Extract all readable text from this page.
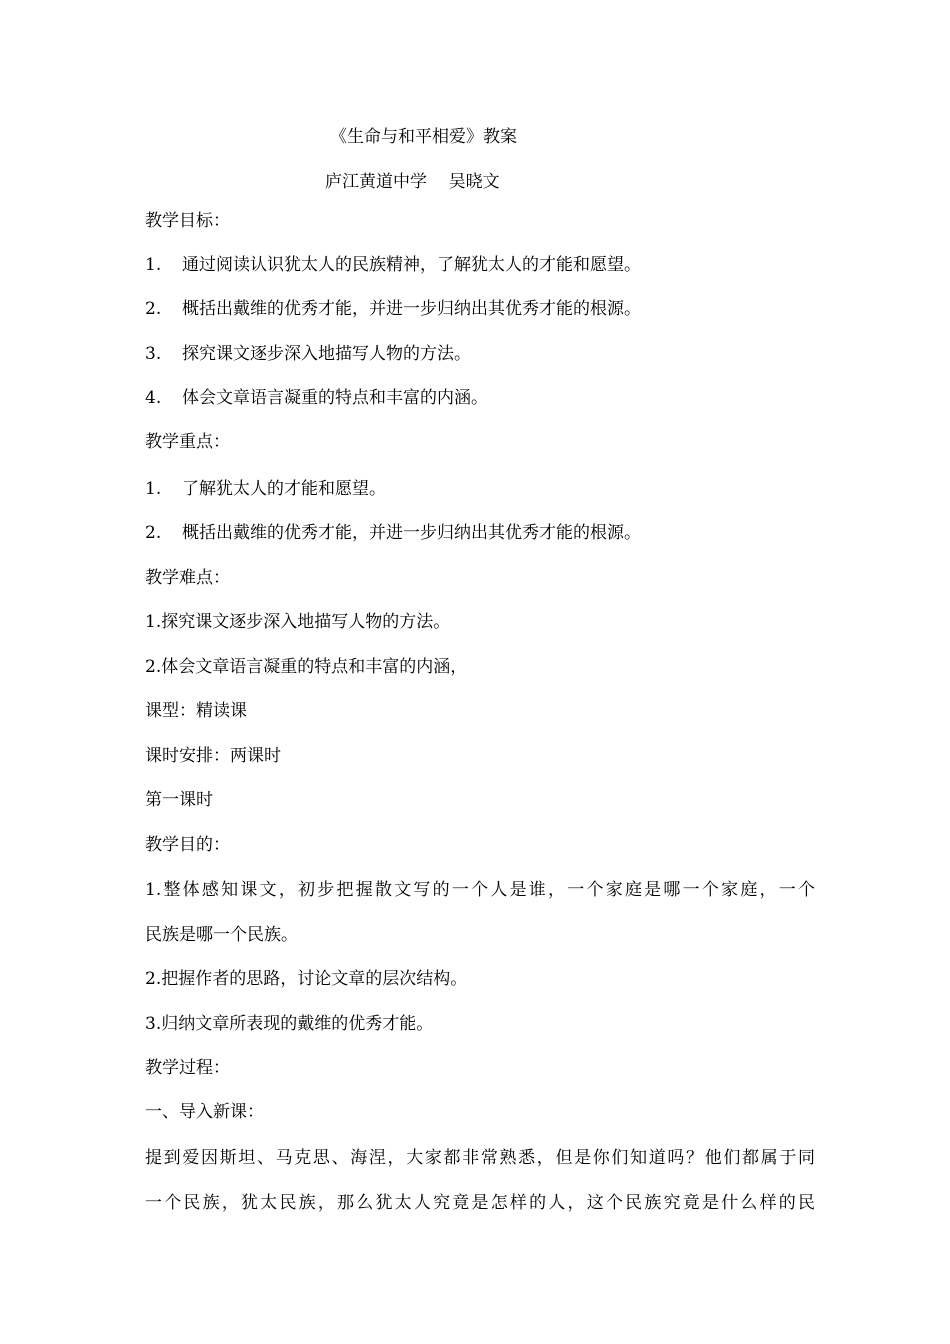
《生命与和平相爱》教案
庐江黄道中学 吴晓文
教学目标：
1. 通过阅读认识犹太人的民族精神，了解犹太人的才能和愿望。
2. 概括出戴维的优秀才能，并进一步归纳出其优秀才能的根源。
3. 探究课文逐步深入地描写人物的方法。
4. 体会文章语言凝重的特点和丰富的内涵。
教学重点：
1. 了解犹太人的才能和愿望。
2. 概括出戴维的优秀才能，并进一步归纳出其优秀才能的根源。
教学难点：
1.探究课文逐步深入地描写人物的方法。
2.体会文章语言凝重的特点和丰富的内涵，
课型：精读课
课时安排：两课时
第一课时
教学目的：
1.整体感知课文，初步把握散文写的一个人是谁，一个家庭是哪一个家庭，一个
民族是哪一个民族。
2.把握作者的思路，讨论文章的层次结构。
3.归纳文章所表现的戴维的优秀才能。
教学过程：
一、导入新课：
提到爱因斯坦、马克思、海涅，大家都非常熟悉，但是你们知道吗？他们都属于同
一个民族，犹太民族，那么犹太人究竟是怎样的人，这个民族究竟是什么样的民
